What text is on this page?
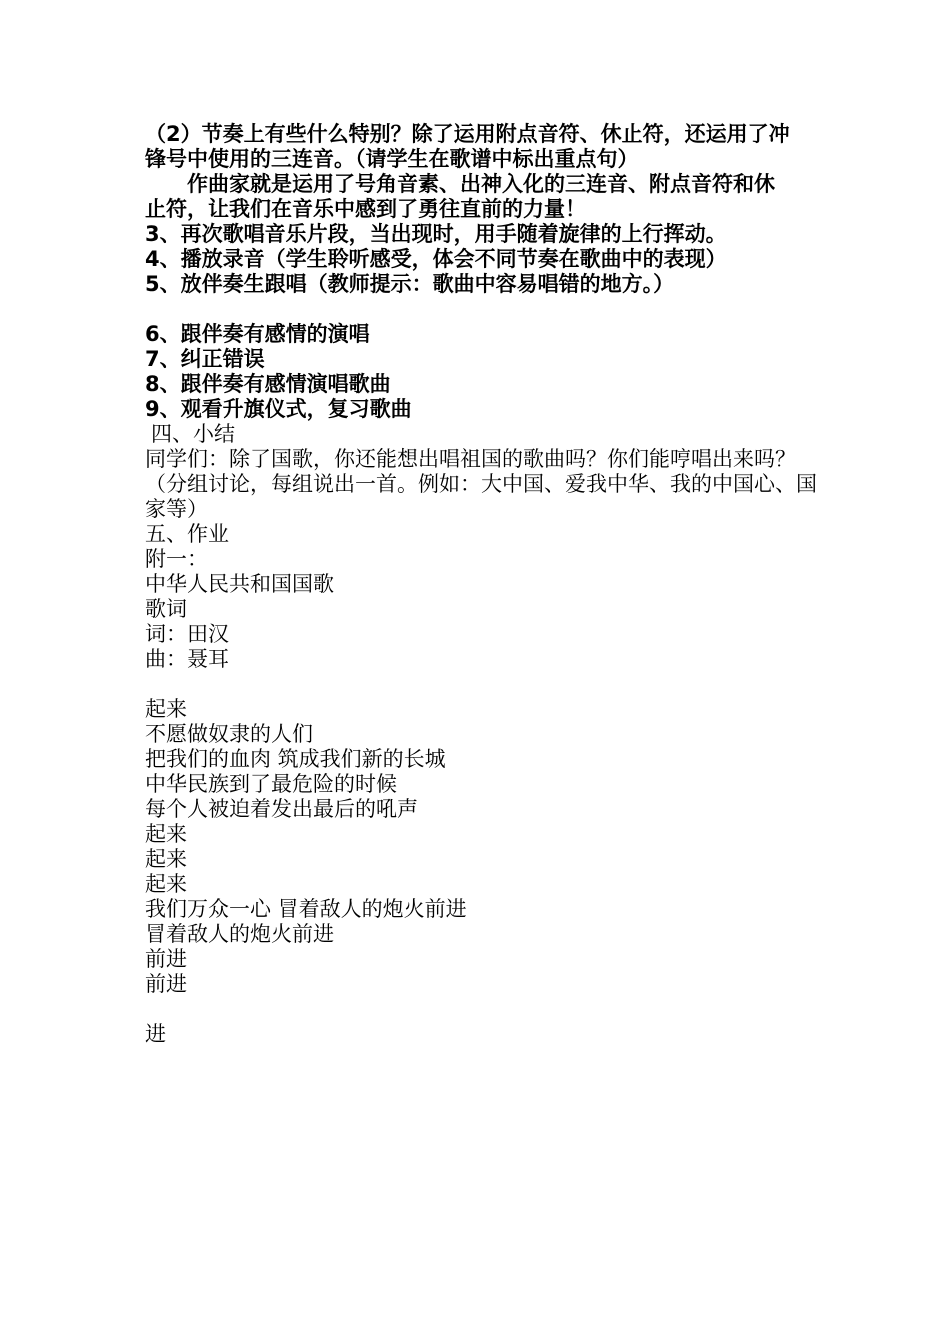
（2）节奏上有些什么特别？除了运用附点音符、休止符，还运用了冲
锋号中使用的三连音。（请学生在歌谱中标出重点句）
作曲家就是运用了号角音素、出神入化的三连音、附点音符和休
止符，让我们在音乐中感到了勇往直前的力量！
3、再次歌唱音乐片段，当出现时，用手随着旋律的上行挥动。
4、播放录音（学生聆听感受，体会不同节奏在歌曲中的表现）
5、放伴奏生跟唱（教师提示：歌曲中容易唱错的地方。）
6、跟伴奏有感情的演唱
7、纠正错误
8、跟伴奏有感情演唱歌曲
9、观看升旗仪式，复习歌曲
四、小结
同学们：除了国歌，你还能想出唱祖国的歌曲吗？你们能哼唱出来吗？
（分组讨论，每组说出一首。例如：大中国、爱我中华、我的中国心、国
家等）
五、作业
附一：
中华人民共和国国歌
歌词
词：田汉
曲：聂耳
起来
不愿做奴隶的人们
把我们的血肉 筑成我们新的长城
中华民族到了最危险的时候
每个人被迫着发出最后的吼声
起来
起来
起来
我们万众一心 冒着敌人的炮火前进
冒着敌人的炮火前进
前进
前进
进
